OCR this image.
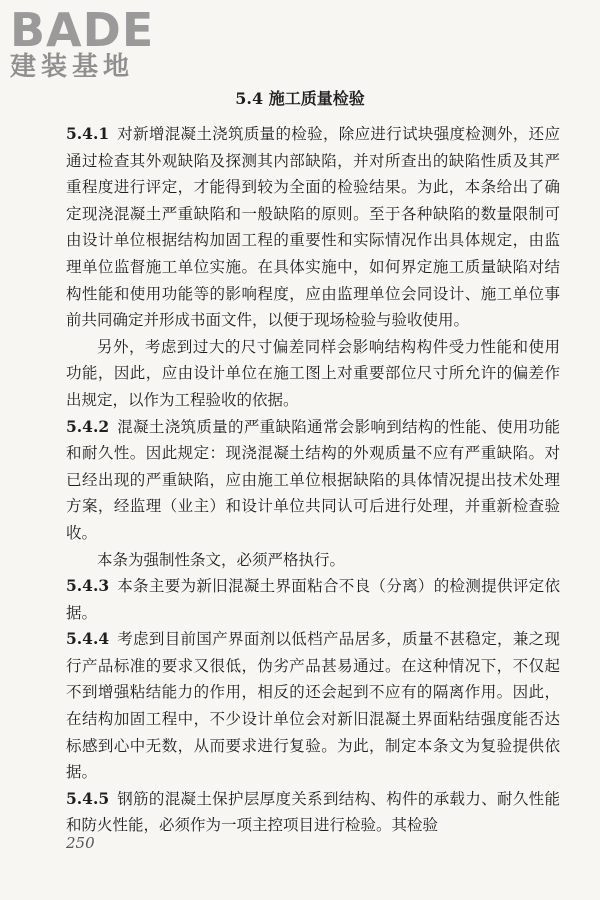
BADE
建装基地
5.4 施工质量检验

5.4.1 对新增混凝土浇筑质量的检验，除应进行试块强度检测外，还应通过检查其外观缺陷及探测其内部缺陷，并对所查出的缺陷性质及其严重程度进行评定，才能得到较为全面的检验结果。为此，本条给出了确定现浇混凝土严重缺陷和一般缺陷的原则。至于各种缺陷的数量限制可由设计单位根据结构加固工程的重要性和实际情况作出具体规定，由监理单位监督施工单位实施。在具体实施中，如何界定施工质量缺陷对结构性能和使用功能等的影响程度，应由监理单位会同设计、施工单位事前共同确定并形成书面文件，以便于现场检验与验收使用。

另外，考虑到过大的尺寸偏差同样会影响结构构件受力性能和使用功能，因此，应由设计单位在施工图上对重要部位尺寸所允许的偏差作出规定，以作为工程验收的依据。

5.4.2 混凝土浇筑质量的严重缺陷通常会影响到结构的性能、使用功能和耐久性。因此规定：现浇混凝土结构的外观质量不应有严重缺陷。对已经出现的严重缺陷，应由施工单位根据缺陷的具体情况提出技术处理方案，经监理（业主）和设计单位共同认可后进行处理，并重新检查验收。

本条为强制性条文，必须严格执行。

5.4.3 本条主要为新旧混凝土界面粘合不良（分离）的检测提供评定依据。

5.4.4 考虑到目前国产界面剂以低档产品居多，质量不甚稳定，兼之现行产品标准的要求又很低，伪劣产品甚易通过。在这种情况下，不仅起不到增强粘结能力的作用，相反的还会起到不应有的隔离作用。因此，在结构加固工程中，不少设计单位会对新旧混凝土界面粘结强度能否达标感到心中无数，从而要求进行复验。为此，制定本条文为复验提供依据。

5.4.5 钢筋的混凝土保护层厚度关系到结构、构件的承载力、耐久性能和防火性能，必须作为一项主控项目进行检验。其检验

250
